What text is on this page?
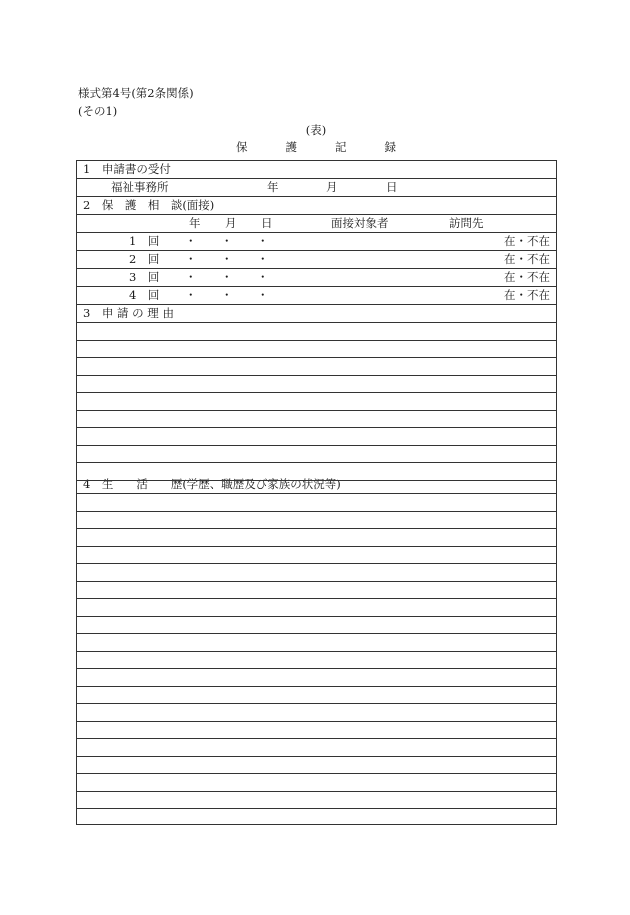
様式第4号(第2条関係)
(その1)
(表)
保	護	記	録
1　申請書の受付
福祉事務所	年	月	日
2　保　護　相　談(面接)
年 月 日	面接対象者	訪問先
1　回 ・ ・ ・	在・不在
2　回 ・ ・ ・	在・不在
3　回 ・ ・ ・	在・不在
4　回 ・ ・ ・	在・不在
3　申 請 の 理 由
4　生　　活　　歴(学歴、職歴及び家族の状況等)
